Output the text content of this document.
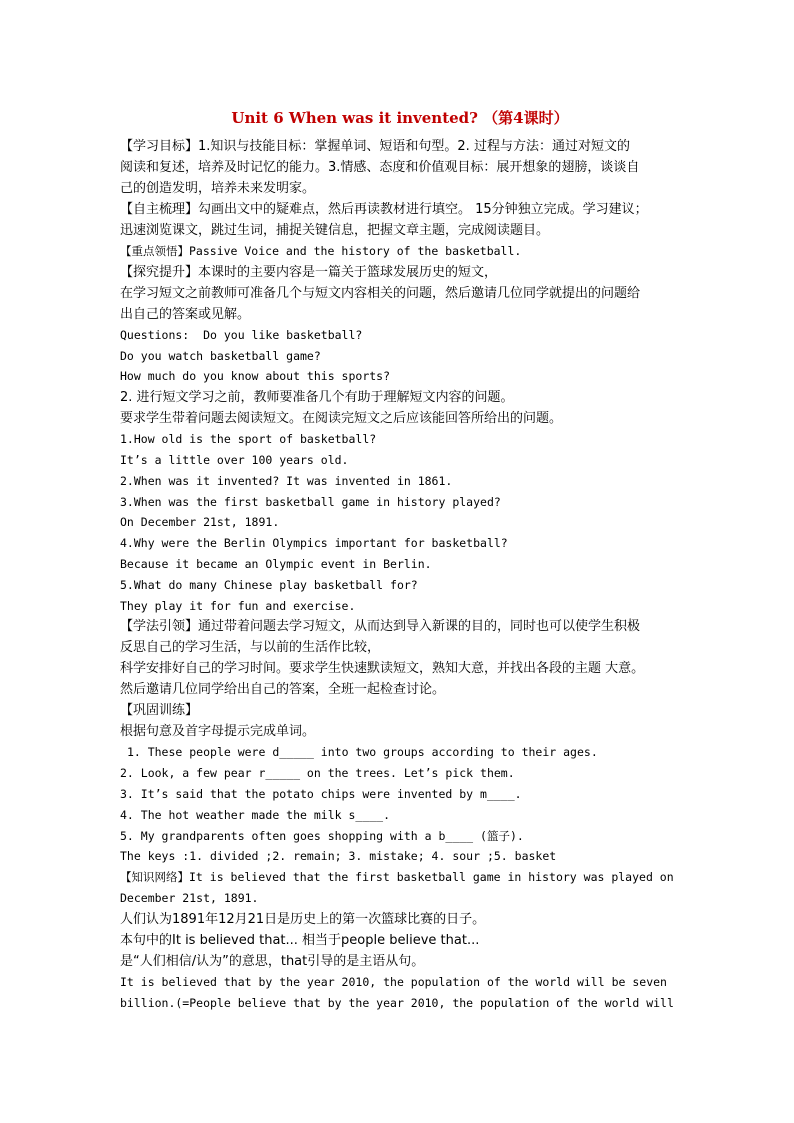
Unit 6 When was it invented? （第4课时）
【学习目标】1.知识与技能目标：掌握单词、短语和句型。2. 过程与方法：通过对短文的
阅读和复述，培养及时记忆的能力。3.情感、态度和价值观目标：展开想象的翅膀，谈谈自
己的创造发明，培养未来发明家。
【自主梳理】勾画出文中的疑难点，然后再读教材进行填空。 15分钟独立完成。学习建议；
迅速浏览课文，跳过生词，捕捉关键信息，把握文章主题，完成阅读题目。
【重点领悟】Passive Voice and the history of the basketball.
【探究提升】本课时的主要内容是一篇关于篮球发展历史的短文，
在学习短文之前教师可准备几个与短文内容相关的问题，然后邀请几位同学就提出的问题给
出自己的答案或见解。
Questions:  Do you like basketball?
Do you watch basketball game?
How much do you know about this sports?
2. 进行短文学习之前，教师要准备几个有助于理解短文内容的问题。
要求学生带着问题去阅读短文。在阅读完短文之后应该能回答所给出的问题。
1.How old is the sport of basketball?
It’s a little over 100 years old.
2.When was it invented? It was invented in 1861.
3.When was the first basketball game in history played?
On December 21st, 1891.
4.Why were the Berlin Olympics important for basketball?
Because it became an Olympic event in Berlin.
5.What do many Chinese play basketball for?
They play it for fun and exercise.
【学法引领】通过带着问题去学习短文，从而达到导入新课的目的，同时也可以使学生积极
反思自己的学习生活，与以前的生活作比较，
科学安排好自己的学习时间。要求学生快速默读短文，熟知大意，并找出各段的主题 大意。
然后邀请几位同学给出自己的答案，全班一起检查讨论。
【巩固训练】
根据句意及首字母提示完成单词。
1. These people were d_____ into two groups according to their ages.
2. Look, a few pear r_____ on the trees. Let’s pick them.
3. It’s said that the potato chips were invented by m____.
4. The hot weather made the milk s____.
5. My grandparents often goes shopping with a b____ (篮子).
The keys :1. divided ;2. remain; 3. mistake; 4. sour ;5. basket
【知识网络】It is believed that the first basketball game in history was played on
December 21st, 1891.
人们认为1891年12月21日是历史上的第一次篮球比赛的日子。
本句中的It is believed that... 相当于people believe that...
是“人们相信/认为”的意思，that引导的是主语从句。
It is believed that by the year 2010, the population of the world will be seven
billion.(=People believe that by the year 2010, the population of the world will
